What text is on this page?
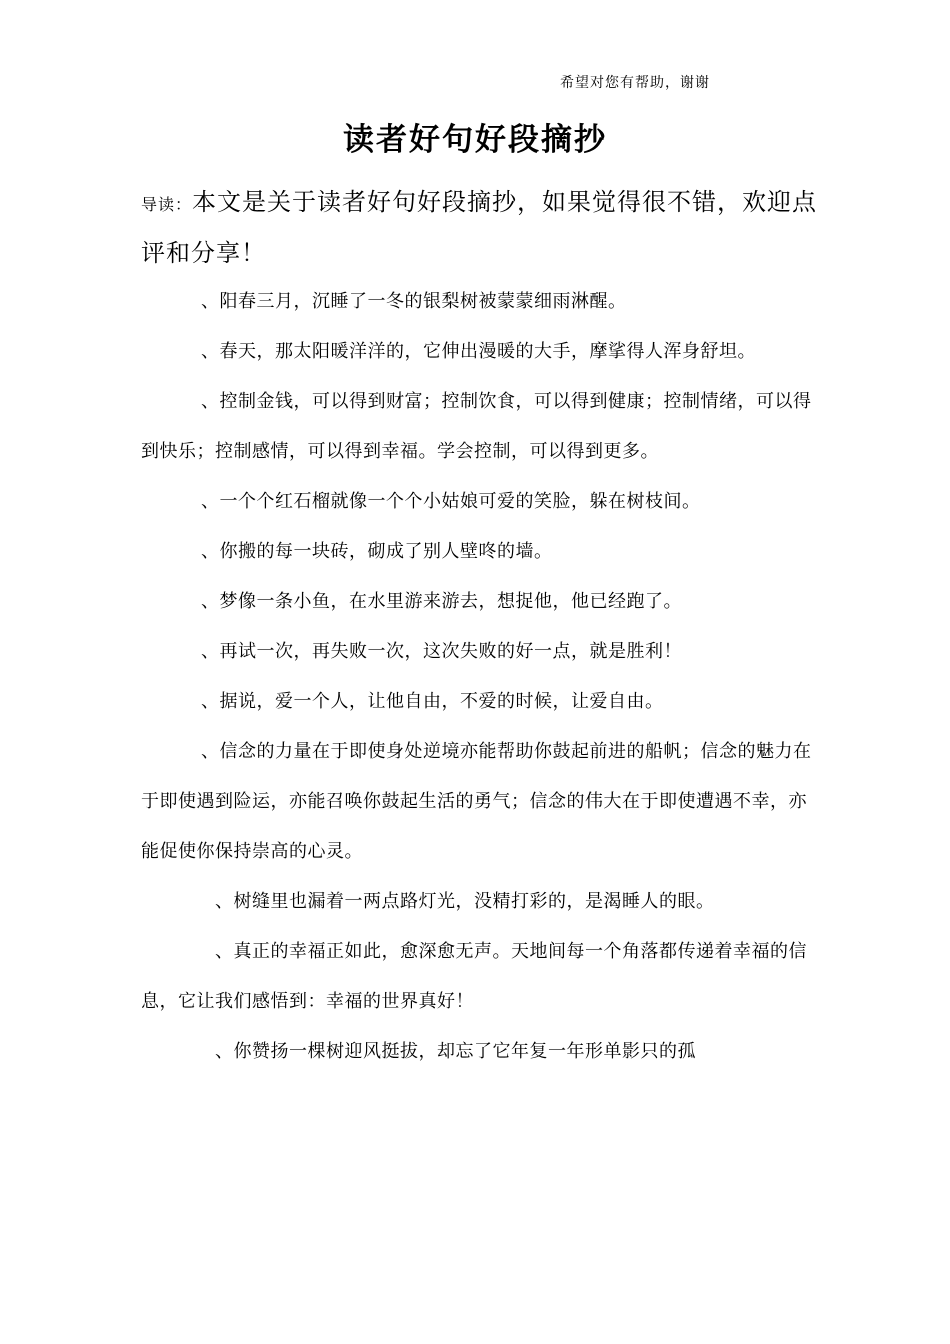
希望对您有帮助，谢谢
读者好句好段摘抄
导读：本文是关于读者好句好段摘抄，如果觉得很不错，欢迎点评和分享！

、阳春三月，沉睡了一冬的银梨树被蒙蒙细雨淋醒。

、春天，那太阳暖洋洋的，它伸出漫暖的大手，摩挲得人浑身舒坦。

、控制金钱，可以得到财富；控制饮食，可以得到健康；控制情绪，可以得到快乐；控制感情，可以得到幸福。学会控制，可以得到更多。

、一个个红石榴就像一个个小姑娘可爱的笑脸，躲在树枝间。

、你搬的每一块砖，砌成了别人壁咚的墙。

、梦像一条小鱼，在水里游来游去，想捉他，他已经跑了。

、再试一次，再失败一次，这次失败的好一点，就是胜利！

、据说，爱一个人，让他自由，不爱的时候，让爱自由。

、信念的力量在于即使身处逆境亦能帮助你鼓起前进的船帆；信念的魅力在于即使遇到险运，亦能召唤你鼓起生活的勇气；信念的伟大在于即使遭遇不幸，亦能促使你保持崇高的心灵。

、树缝里也漏着一两点路灯光，没精打彩的，是渴睡人的眼。

、真正的幸福正如此，愈深愈无声。天地间每一个角落都传递着幸福的信息，它让我们感悟到：幸福的世界真好！

、你赞扬一棵树迎风挺拔，却忘了它年复一年形单影只的孤
